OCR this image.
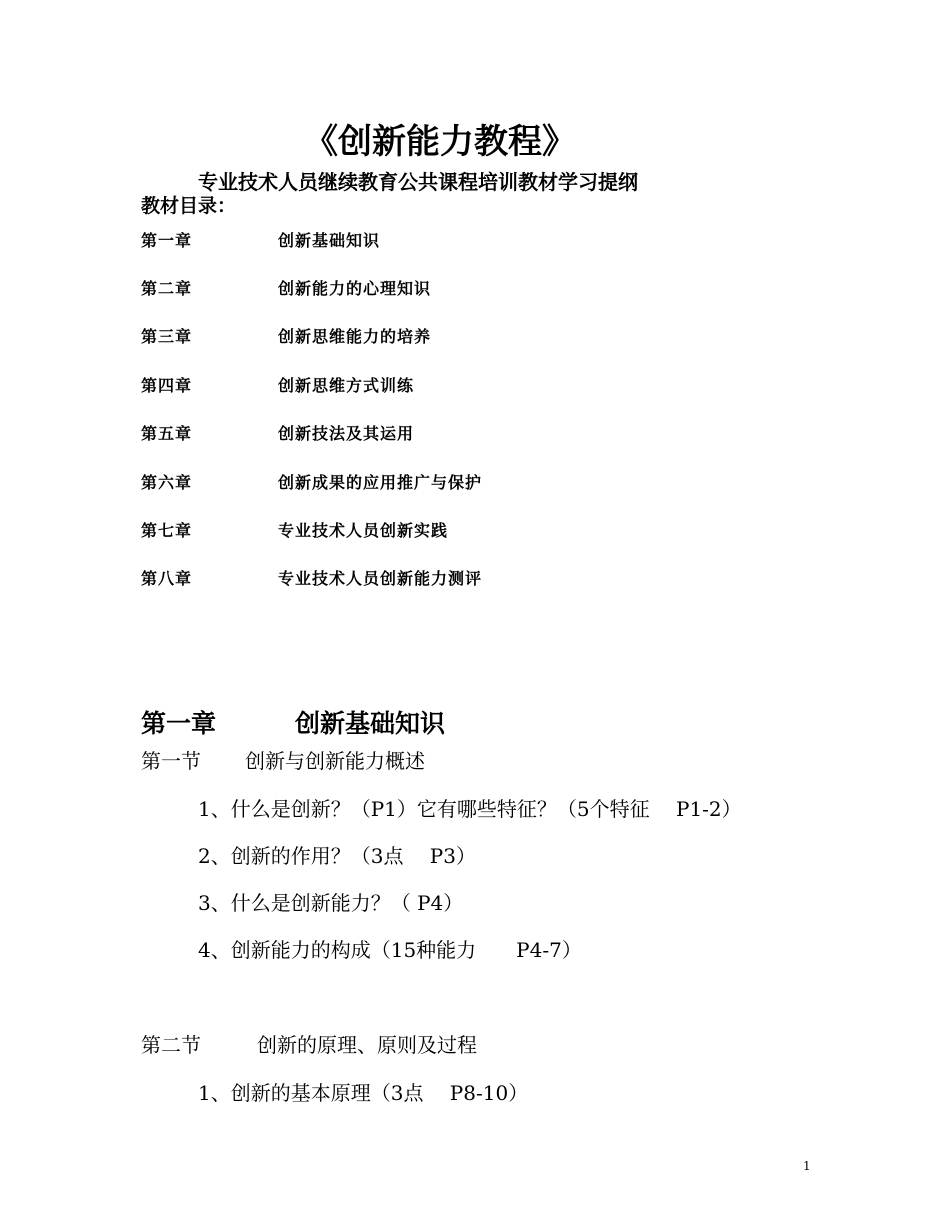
《创新能力教程》
专业技术人员继续教育公共课程培训教材学习提纲
教材目录：
第一章	创新基础知识
第二章	创新能力的心理知识
第三章	创新思维能力的培养
第四章	创新思维方式训练
第五章	创新技法及其运用
第六章	创新成果的应用推广与保护
第七章	专业技术人员创新实践
第八章	专业技术人员创新能力测评
第一章	创新基础知识
第一节 创新与创新能力概述
1、什么是创新？（P1）它有哪些特征？（5个特征　 P1-2）
2、创新的作用？（3点　 P3）
3、什么是创新能力？（ P4）
4、创新能力的构成（15种能力　　P4-7）
第二节	创新的原理、原则及过程
1、创新的基本原理（3点　 P8-10）
1
